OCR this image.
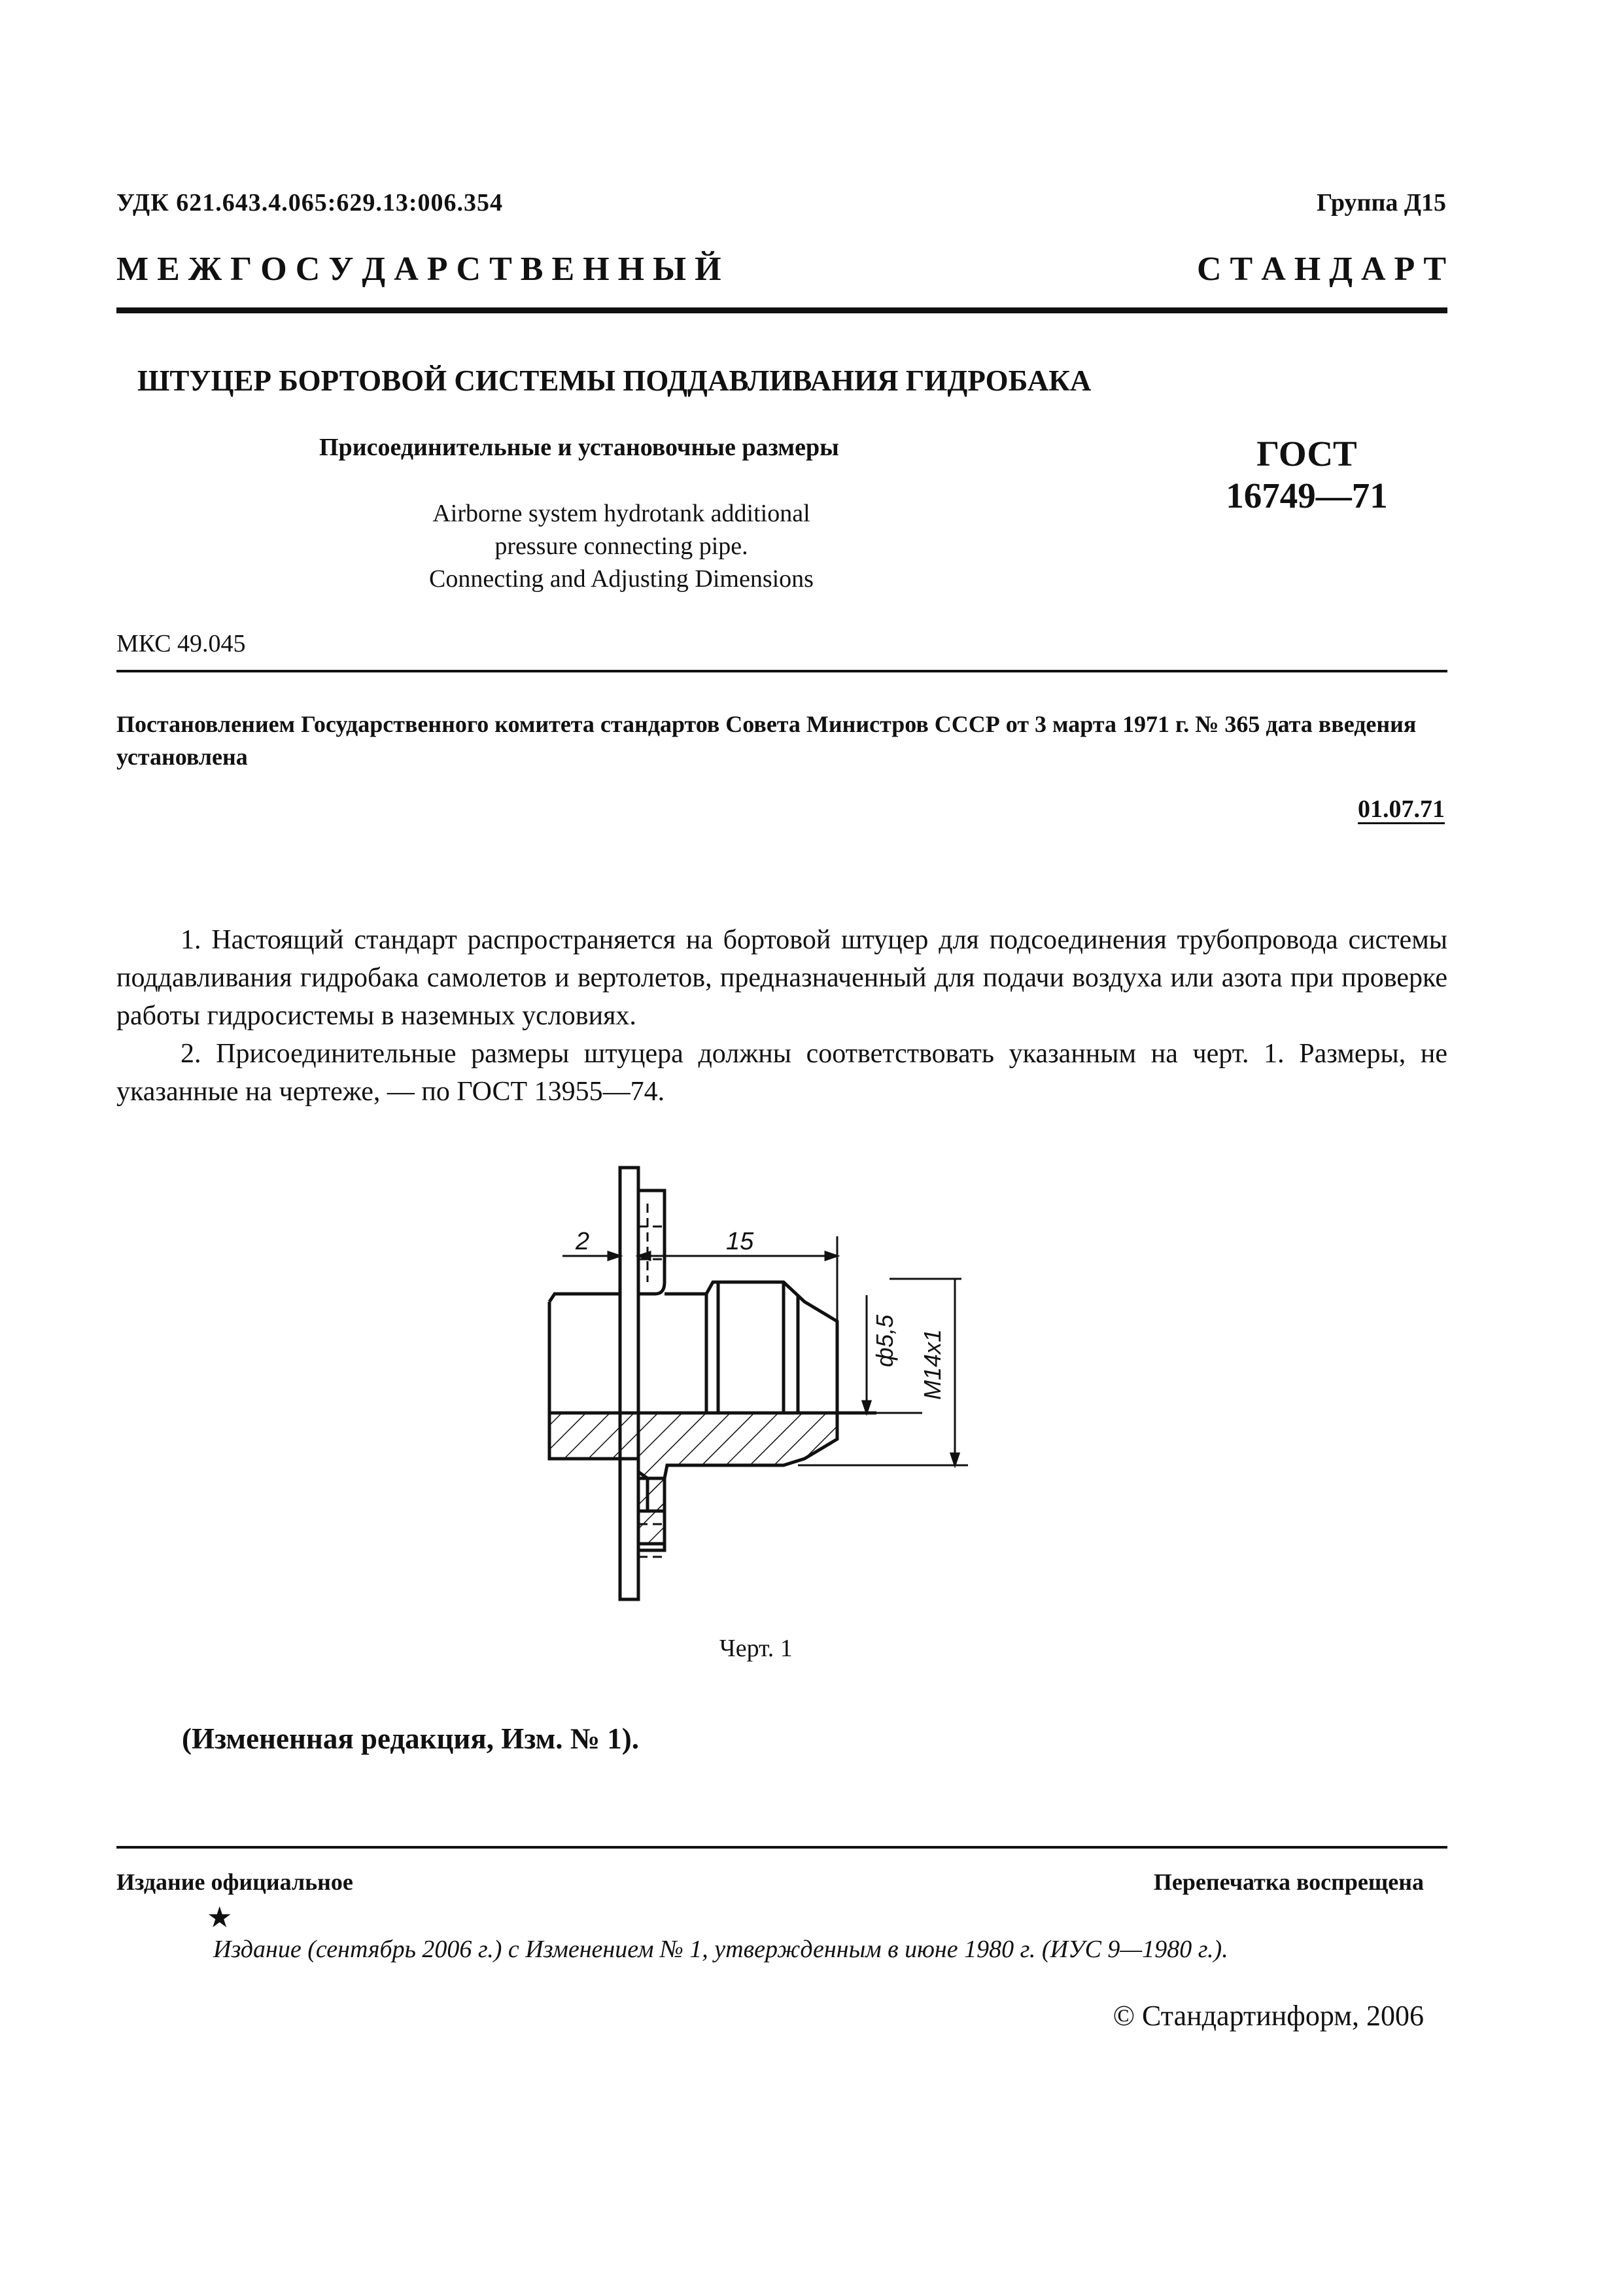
УДК 621.643.4.065:629.13:006.354	Группа Д15
М Е Ж Г О С У Д А Р С Т В Е Н Н Ы Й	С Т А Н Д А Р Т
ШТУЦЕР БОРТОВОЙ СИСТЕМЫ ПОДДАВЛИВАНИЯ ГИДРОБАКА
Присоединительные и установочные размеры	ГОСТ
16749—71
Airborne system hydrotank additional
pressure connecting pipe.
Connecting and Adjusting Dimensions
МКС 49.045
Постановлением Государственного комитета стандартов Совета Министров СССР от 3 марта 1971 г. № 365 дата введения установлена
01.07.71
1. Настоящий стандарт распространяется на бортовой штуцер для подсоединения трубопровода системы поддавливания гидробака самолетов и вертолетов, предназначенный для подачи воздуха или азота при проверке работы гидросистемы в наземных условиях.
2. Присоединительные размеры штуцера должны соответствовать указанным на черт. 1. Размеры, не указанные на чертеже, — по ГОСТ 13955—74.
2	15
ф5,5 М14х1
Черт. 1
(Измененная редакция, Изм. № 1).
Издание официальное	Перепечатка воспрещена
★
Издание (сентябрь 2006 г.) с Изменением № 1, утвержденным в июне 1980 г. (ИУС 9—1980 г.).
© Стандартинформ, 2006
